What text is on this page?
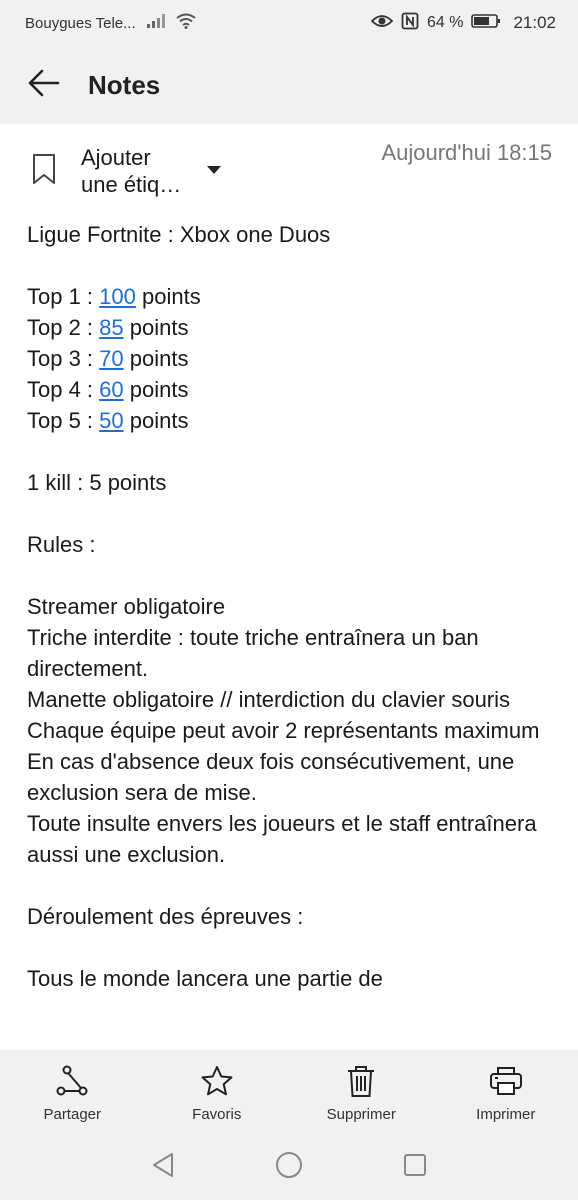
Bouygues Tele...	64 %	21:02
Notes
Ajouter
une étiq…
Aujourd'hui 18:15
Ligue Fortnite : Xbox one Duos
Top 1 : 100 points
Top 2 : 85 points
Top 3 : 70 points
Top 4 : 60 points
Top 5 : 50 points
1 kill : 5 points
Rules :
Streamer obligatoire
Triche interdite : toute triche entraînera un ban directement.
Manette obligatoire // interdiction du clavier souris
Chaque équipe peut avoir 2 représentants maximum
En cas d'absence deux fois consécutivement, une exclusion sera de mise.
Toute insulte envers les joueurs et le staff entraînera aussi une exclusion.
Déroulement des épreuves :
Tous le monde lancera une partie de
Partager	Favoris	Supprimer	Imprimer
